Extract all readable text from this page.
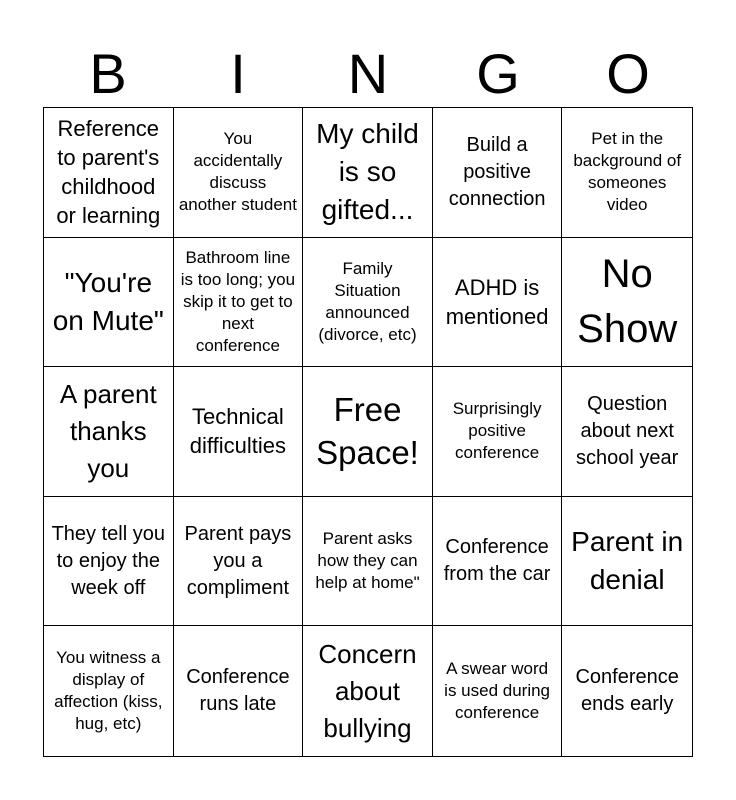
B	I	N	G	O
Reference to parent's childhood or learning
You accidentally discuss another student
My child is so gifted...
Build a positive connection
Pet in the background of someones video
"You're on Mute"
Bathroom line is too long; you skip it to get to next conference
Family Situation announced (divorce, etc)
ADHD is mentioned
No Show
A parent thanks you
Technical difficulties
Free Space!
Surprisingly positive conference
Question about next school year
They tell you to enjoy the week off
Parent pays you a compliment
Parent asks how they can help at home"
Conference from the car
Parent in denial
You witness a display of affection (kiss, hug, etc)
Conference runs late
Concern about bullying
A swear word is used during conference
Conference ends early
